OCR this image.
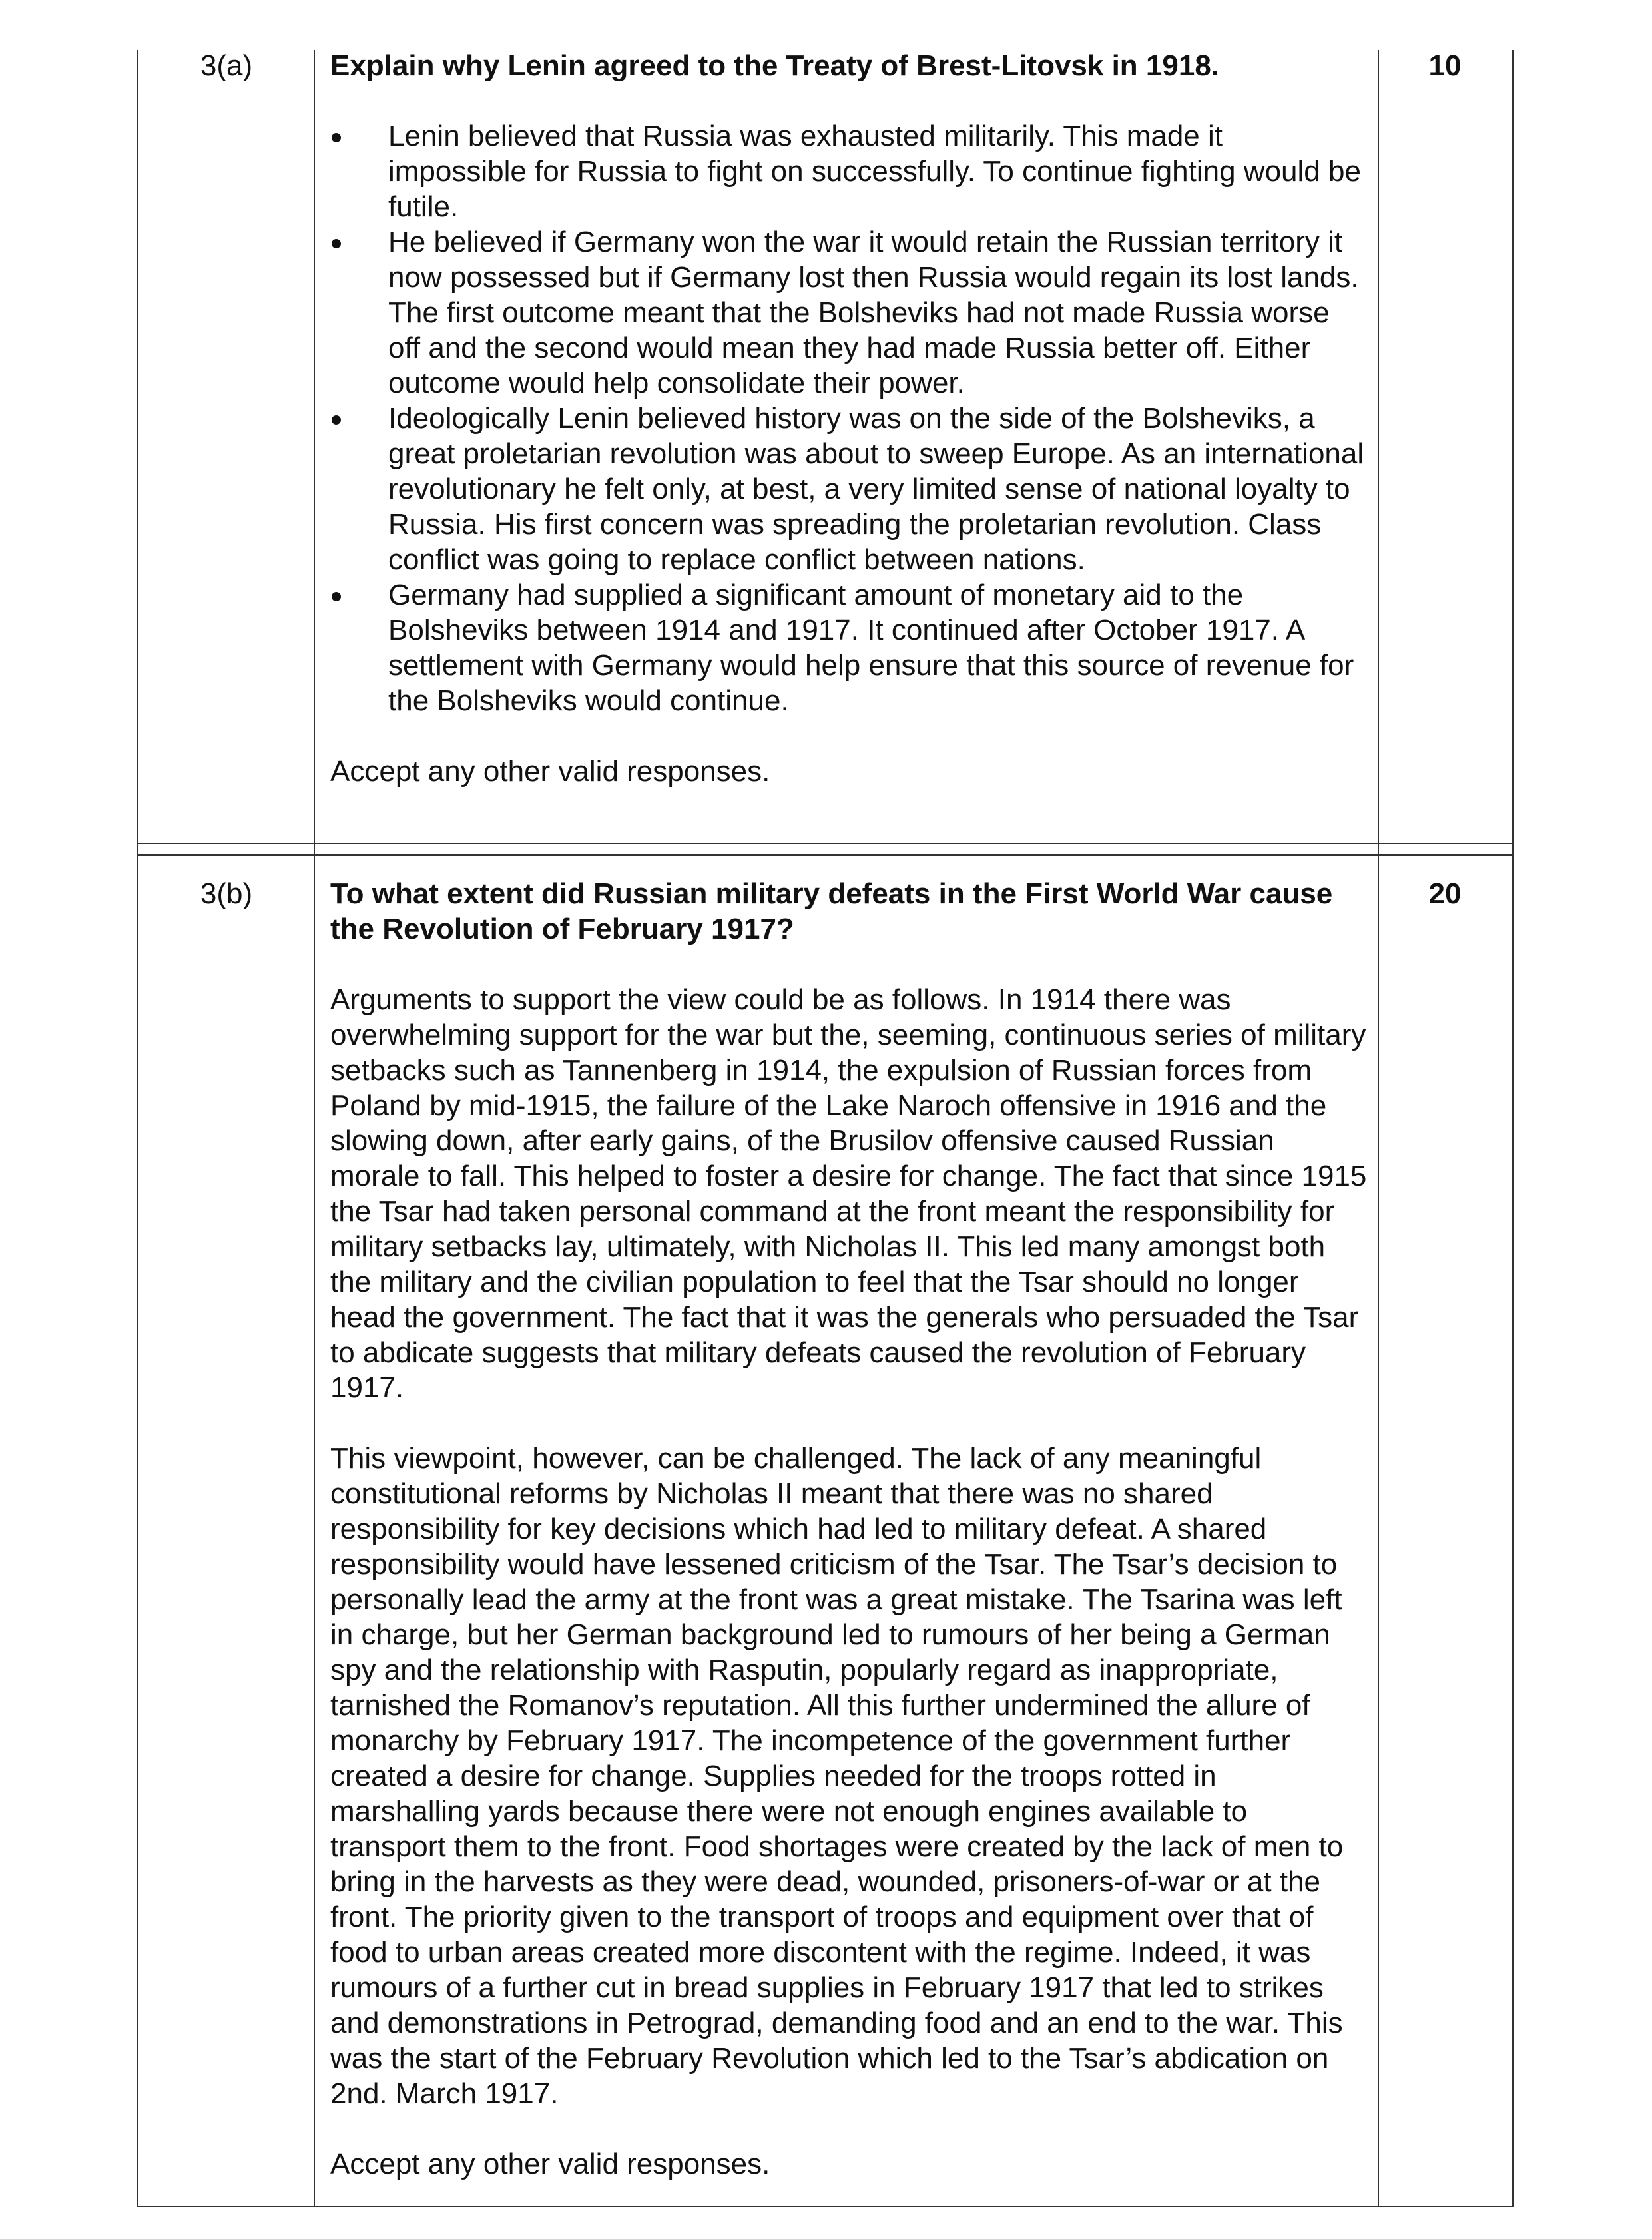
3(a)	10

Explain why Lenin agreed to the Treaty of Brest-Litovsk in 1918.

Lenin believed that Russia was exhausted militarily. This made it impossible for Russia to fight on successfully. To continue fighting would be futile.
He believed if Germany won the war it would retain the Russian territory it now possessed but if Germany lost then Russia would regain its lost lands. The first outcome meant that the Bolsheviks had not made Russia worse off and the second would mean they had made Russia better off. Either outcome would help consolidate their power.
Ideologically Lenin believed history was on the side of the Bolsheviks, a great proletarian revolution was about to sweep Europe. As an international revolutionary he felt only, at best, a very limited sense of national loyalty to Russia. His first concern was spreading the proletarian revolution. Class conflict was going to replace conflict between nations.
Germany had supplied a significant amount of monetary aid to the Bolsheviks between 1914 and 1917. It continued after October 1917. A settlement with Germany would help ensure that this source of revenue for the Bolsheviks would continue.

Accept any other valid responses.

3(b)	20

To what extent did Russian military defeats in the First World War cause the Revolution of February 1917?

Arguments to support the view could be as follows. In 1914 there was overwhelming support for the war but the, seeming, continuous series of military setbacks such as Tannenberg in 1914, the expulsion of Russian forces from Poland by mid-1915, the failure of the Lake Naroch offensive in 1916 and the slowing down, after early gains, of the Brusilov offensive caused Russian morale to fall. This helped to foster a desire for change. The fact that since 1915 the Tsar had taken personal command at the front meant the responsibility for military setbacks lay, ultimately, with Nicholas II. This led many amongst both the military and the civilian population to feel that the Tsar should no longer head the government. The fact that it was the generals who persuaded the Tsar to abdicate suggests that military defeats caused the revolution of February 1917.

This viewpoint, however, can be challenged. The lack of any meaningful constitutional reforms by Nicholas II meant that there was no shared responsibility for key decisions which had led to military defeat. A shared responsibility would have lessened criticism of the Tsar. The Tsar’s decision to personally lead the army at the front was a great mistake. The Tsarina was left in charge, but her German background led to rumours of her being a German spy and the relationship with Rasputin, popularly regard as inappropriate, tarnished the Romanov’s reputation. All this further undermined the allure of monarchy by February 1917. The incompetence of the government further created a desire for change. Supplies needed for the troops rotted in marshalling yards because there were not enough engines available to transport them to the front. Food shortages were created by the lack of men to bring in the harvests as they were dead, wounded, prisoners-of-war or at the front. The priority given to the transport of troops and equipment over that of food to urban areas created more discontent with the regime. Indeed, it was rumours of a further cut in bread supplies in February 1917 that led to strikes and demonstrations in Petrograd, demanding food and an end to the war. This was the start of the February Revolution which led to the Tsar’s abdication on 2nd. March 1917.

Accept any other valid responses.
